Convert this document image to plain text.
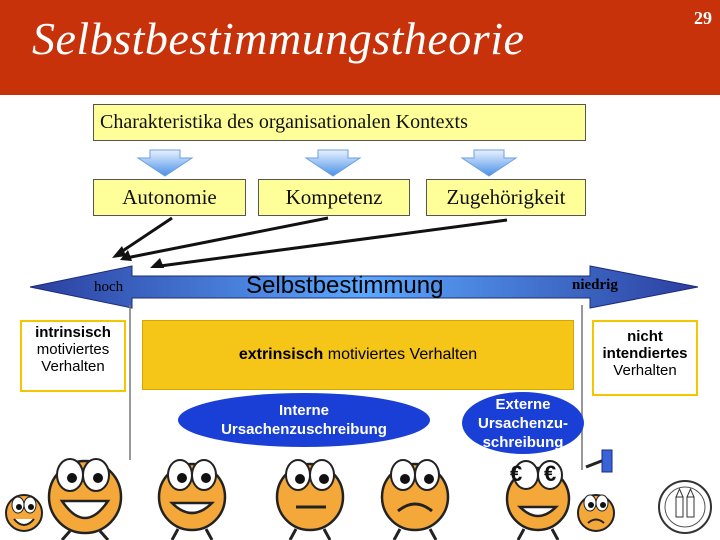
Selbstbestimmungstheorie	29
Charakteristika des organisationalen Kontexts
Autonomie	Kompetenz	Zugehörigkeit
hoch	Selbstbestimmung	niedrig
intrinsisch
motiviertes
Verhalten
extrinsisch motiviertes Verhalten
nicht
intendiertes
Verhalten
Interne
Ursachenzuschreibung
Externe
Ursachenzu-
schreibung
€ €
